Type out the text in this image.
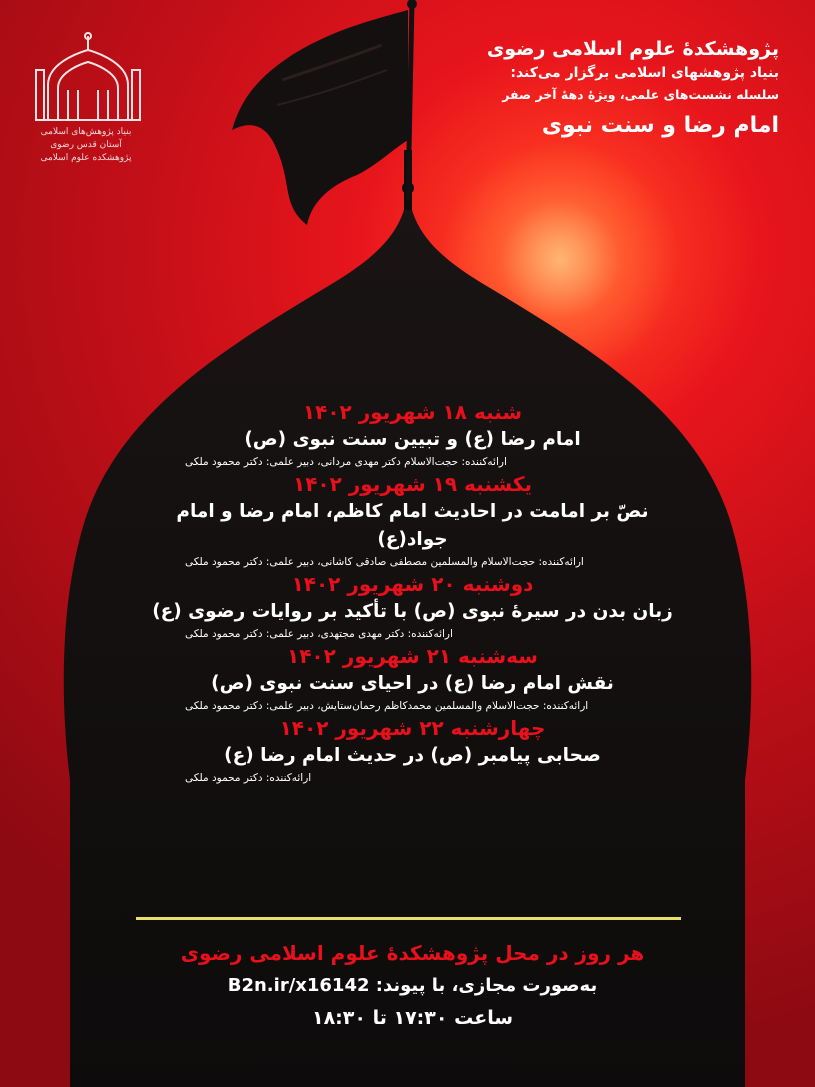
بنیاد پژوهش‌های اسلامی
آستان قدس رضوی
پژوهشکده علوم اسلامی
پژوهشکدهٔ علوم اسلامی رضوی
بنیاد پژوهشهای اسلامی برگزار می‌کند:
سلسله نشست‌های علمی، ویژهٔ دههٔ آخر صفر
امام رضا و سنت نبوی
شنبه ۱۸ شهریور ۱۴۰۲
امام رضا (ع) و تبیین سنت نبوی (ص)
ارائه‌کننده: حجت‌الاسلام دکتر مهدی مردانی، دبیر علمی: دکتر محمود ملکی
یکشنبه ۱۹ شهریور ۱۴۰۲
نصّ بر امامت در احادیث امام کاظم، امام رضا و امام جواد(ع)
ارائه‌کننده: حجت‌الاسلام والمسلمین مصطفی صادقی کاشانی، دبیر علمی: دکتر محمود ملکی
دوشنبه ۲۰ شهریور ۱۴۰۲
زبان بدن در سیرهٔ نبوی (ص) با تأکید بر روایات رضوی (ع)
ارائه‌کننده: دکتر مهدی مجتهدی، دبیر علمی: دکتر محمود ملکی
سه‌شنبه ۲۱ شهریور ۱۴۰۲
نقش امام رضا (ع) در احیای سنت نبوی (ص)
ارائه‌کننده: حجت‌الاسلام والمسلمین محمدکاظم رحمان‌ستایش، دبیر علمی: دکتر محمود ملکی
چهارشنبه ۲۲ شهریور ۱۴۰۲
صحابی پیامبر (ص) در حدیث امام رضا (ع)
ارائه‌کننده: دکتر محمود ملکی
هر روز در محل پژوهشکدهٔ علوم اسلامی رضوی
به‌صورت مجازی، با پیوند: B2n.ir/x16142
ساعت ۱۷:۳۰ تا ۱۸:۳۰
